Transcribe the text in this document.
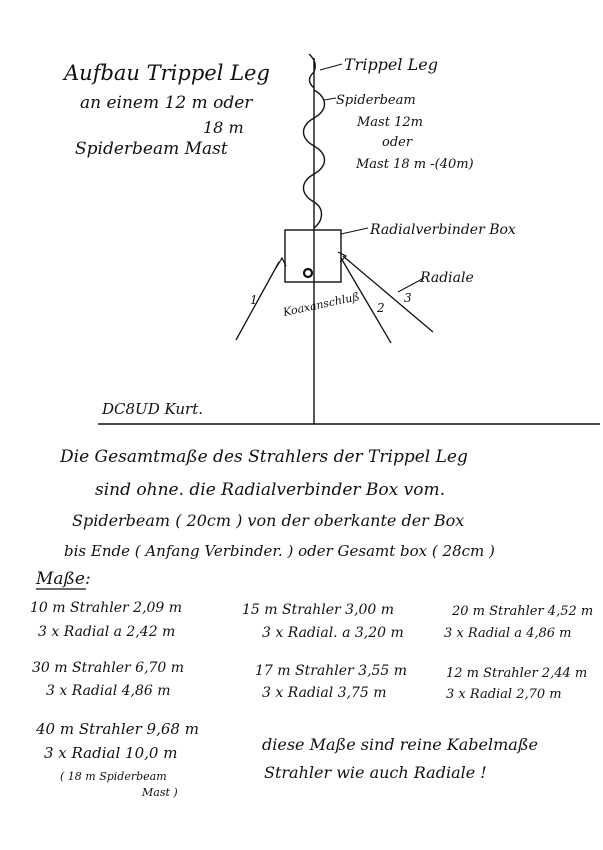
Aufbau Trippel Leg
an einem 12 m oder
18 m
Spiderbeam Mast
Trippel Leg
Spiderbeam
Mast 12m
oder
Mast 18 m -(40m)
Radialverbinder Box
Radiale
Koaxanschluß
1
2
3
DC8UD Kurt.
Die Gesamtmaße des Strahlers der Trippel Leg
sind ohne. die Radialverbinder Box vom.
Spiderbeam ( 20cm ) von der oberkante der Box
bis Ende ( Anfang Verbinder. ) oder Gesamt box ( 28cm )
Maße:
10 m Strahler 2,09 m
3 x Radial a 2,42 m
15 m Strahler 3,00 m
3 x Radial. a 3,20 m
20 m Strahler 4,52 m
3 x Radial a 4,86 m
30 m Strahler 6,70 m
3 x Radial 4,86 m
17 m Strahler 3,55 m
3 x Radial 3,75 m
12 m Strahler 2,44 m
3 x Radial 2,70 m
40 m Strahler 9,68 m
3 x Radial 10,0 m
( 18 m Spiderbeam
Mast )
diese Maße sind reine Kabelmaße
Strahler wie auch Radiale !
